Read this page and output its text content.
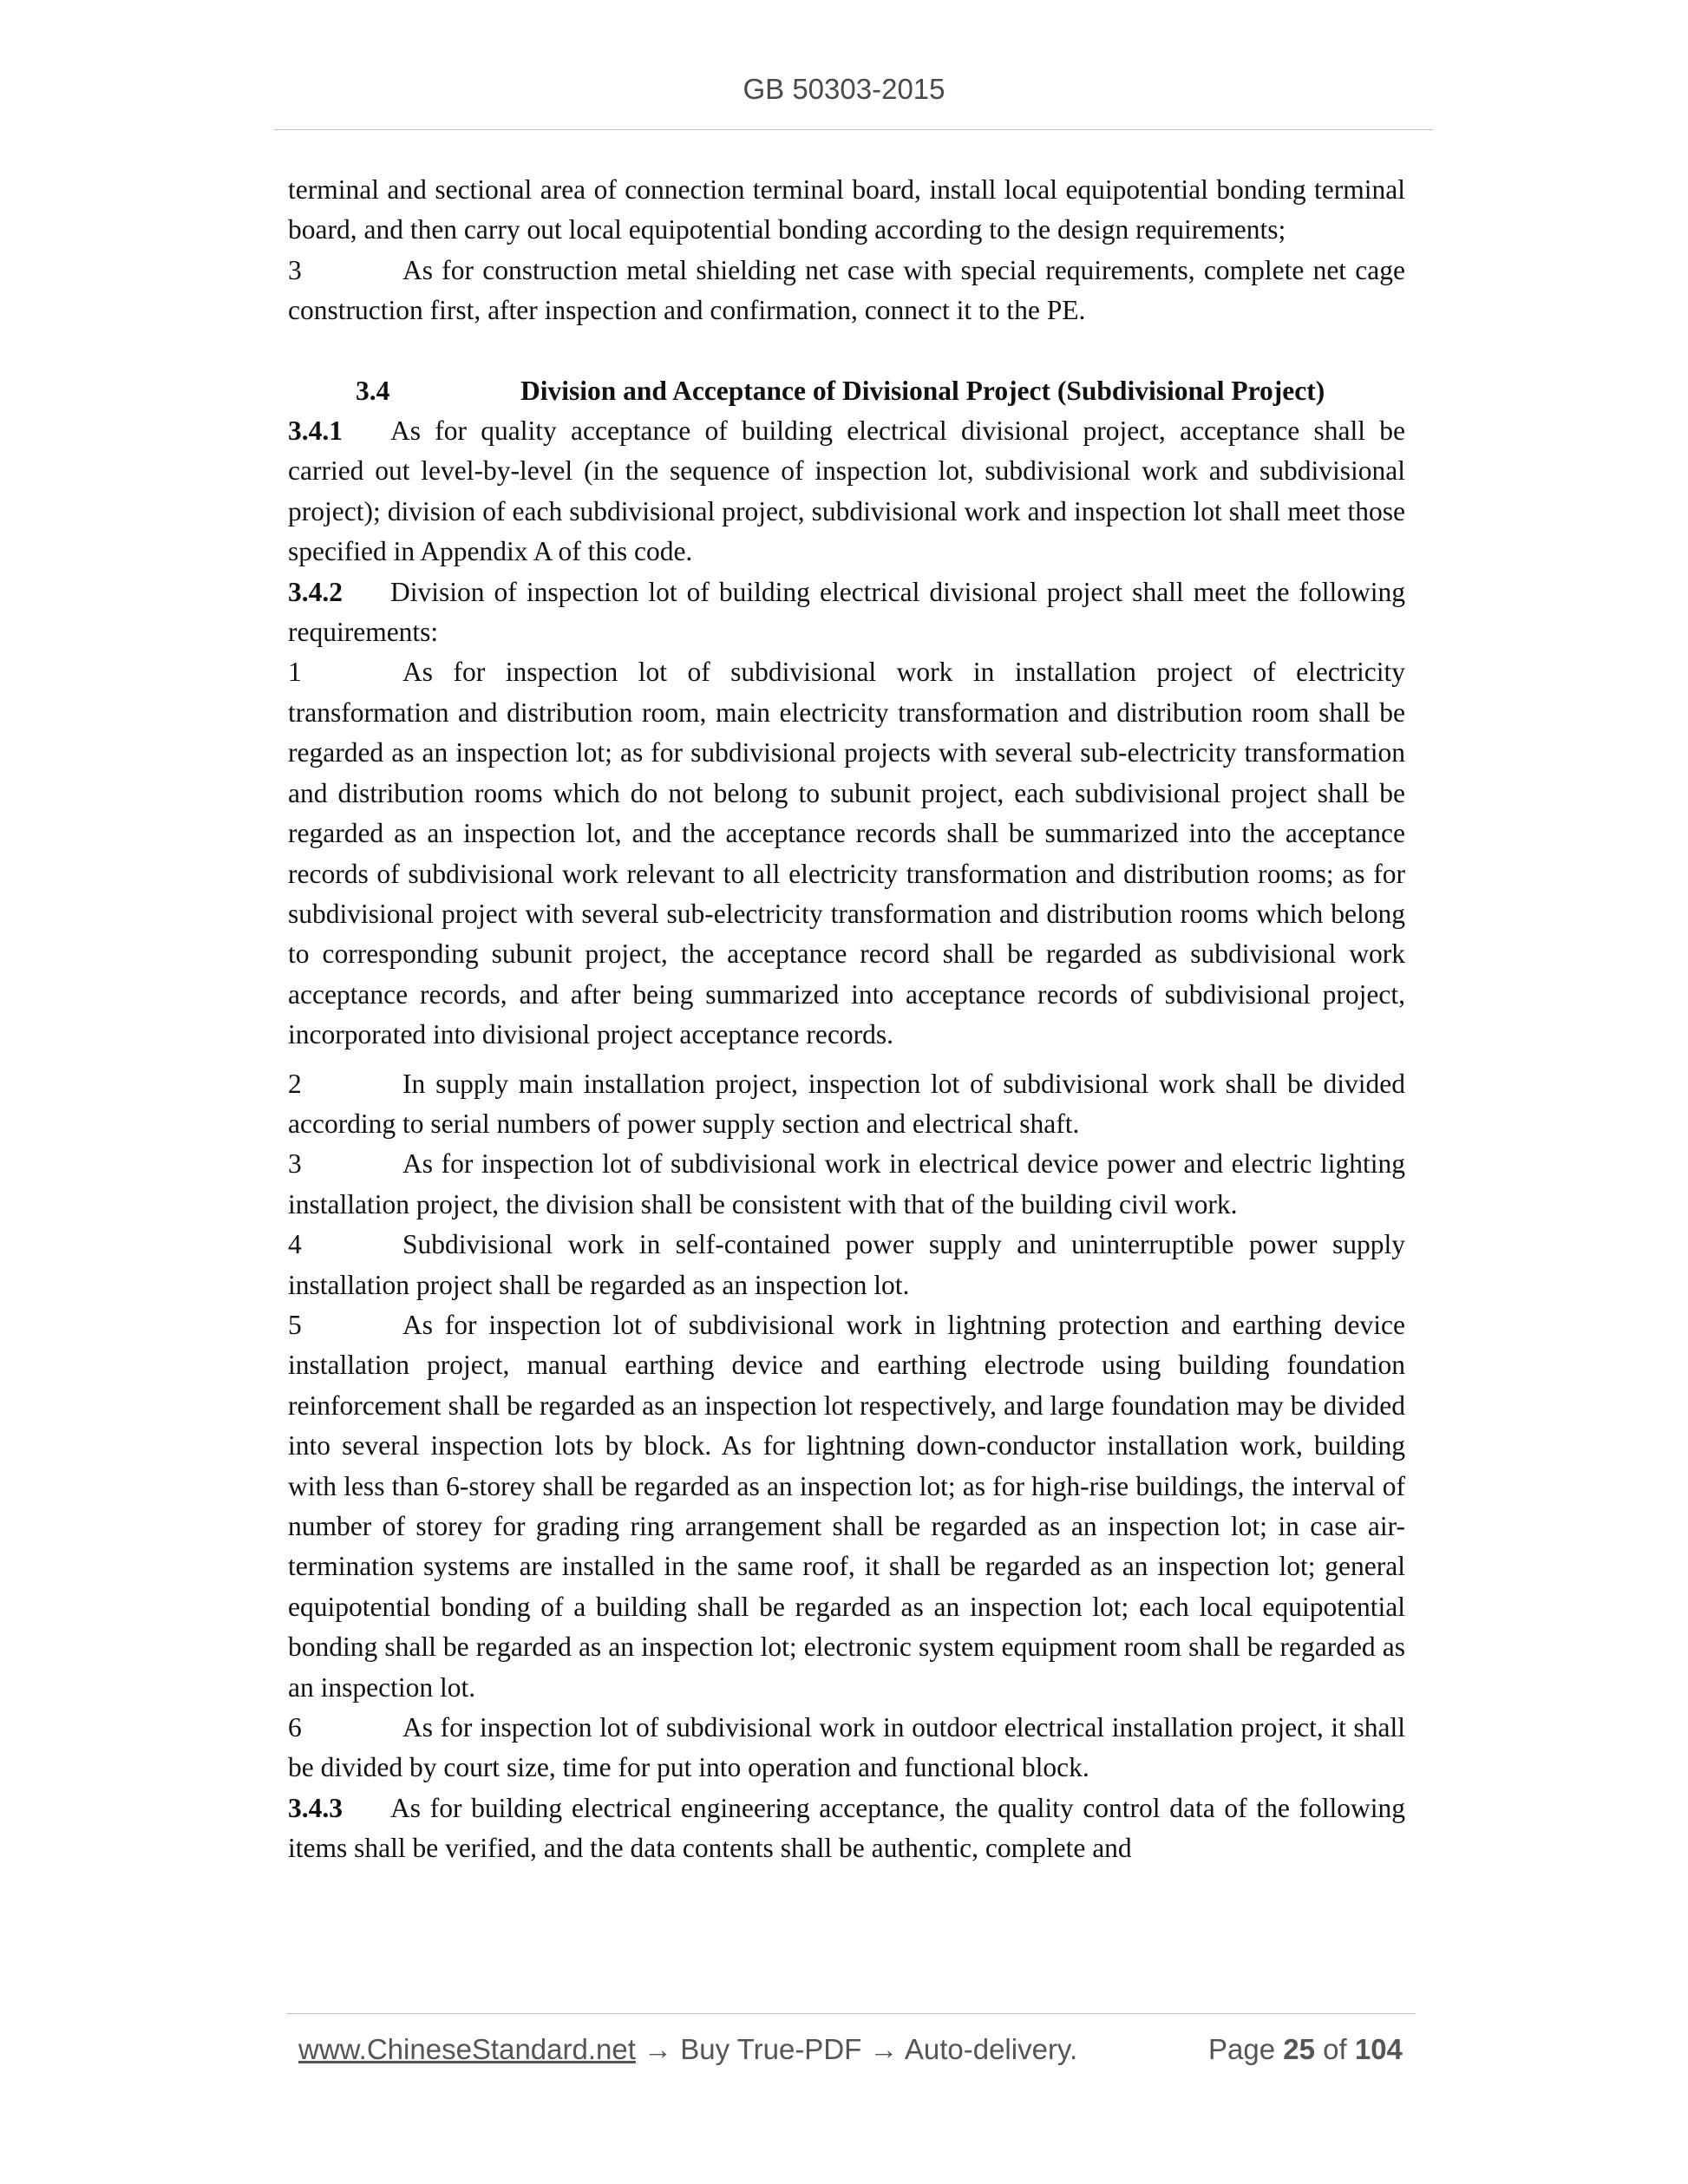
GB 50303-2015

terminal and sectional area of connection terminal board, install local equipotential bonding terminal board, and then carry out local equipotential bonding according to the design requirements;

3	As for construction metal shielding net case with special requirements, complete net cage construction first, after inspection and confirmation, connect it to the PE.

3.4	Division and Acceptance of Divisional Project (Subdivisional Project)

3.4.1 As for quality acceptance of building electrical divisional project, acceptance shall be carried out level-by-level (in the sequence of inspection lot, subdivisional work and subdivisional project); division of each subdivisional project, subdivisional work and inspection lot shall meet those specified in Appendix A of this code.

3.4.2 Division of inspection lot of building electrical divisional project shall meet the following requirements:

1	As for inspection lot of subdivisional work in installation project of electricity transformation and distribution room, main electricity transformation and distribution room shall be regarded as an inspection lot; as for subdivisional projects with several sub-electricity transformation and distribution rooms which do not belong to subunit project, each subdivisional project shall be regarded as an inspection lot, and the acceptance records shall be summarized into the acceptance records of subdivisional work relevant to all electricity transformation and distribution rooms; as for subdivisional project with several sub-electricity transformation and distribution rooms which belong to corresponding subunit project, the acceptance record shall be regarded as subdivisional work acceptance records, and after being summarized into acceptance records of subdivisional project, incorporated into divisional project acceptance records.

2	In supply main installation project, inspection lot of subdivisional work shall be divided according to serial numbers of power supply section and electrical shaft.

3	As for inspection lot of subdivisional work in electrical device power and electric lighting installation project, the division shall be consistent with that of the building civil work.

4	Subdivisional work in self-contained power supply and uninterruptible power supply installation project shall be regarded as an inspection lot.

5	As for inspection lot of subdivisional work in lightning protection and earthing device installation project, manual earthing device and earthing electrode using building foundation reinforcement shall be regarded as an inspection lot respectively, and large foundation may be divided into several inspection lots by block. As for lightning down-conductor installation work, building with less than 6-storey shall be regarded as an inspection lot; as for high-rise buildings, the interval of number of storey for grading ring arrangement shall be regarded as an inspection lot; in case air-termination systems are installed in the same roof, it shall be regarded as an inspection lot; general equipotential bonding of a building shall be regarded as an inspection lot; each local equipotential bonding shall be regarded as an inspection lot; electronic system equipment room shall be regarded as an inspection lot.

6	As for inspection lot of subdivisional work in outdoor electrical installation project, it shall be divided by court size, time for put into operation and functional block.

3.4.3 As for building electrical engineering acceptance, the quality control data of the following items shall be verified, and the data contents shall be authentic, complete and

www.ChineseStandard.net → Buy True-PDF → Auto-delivery.	Page 25 of 104
